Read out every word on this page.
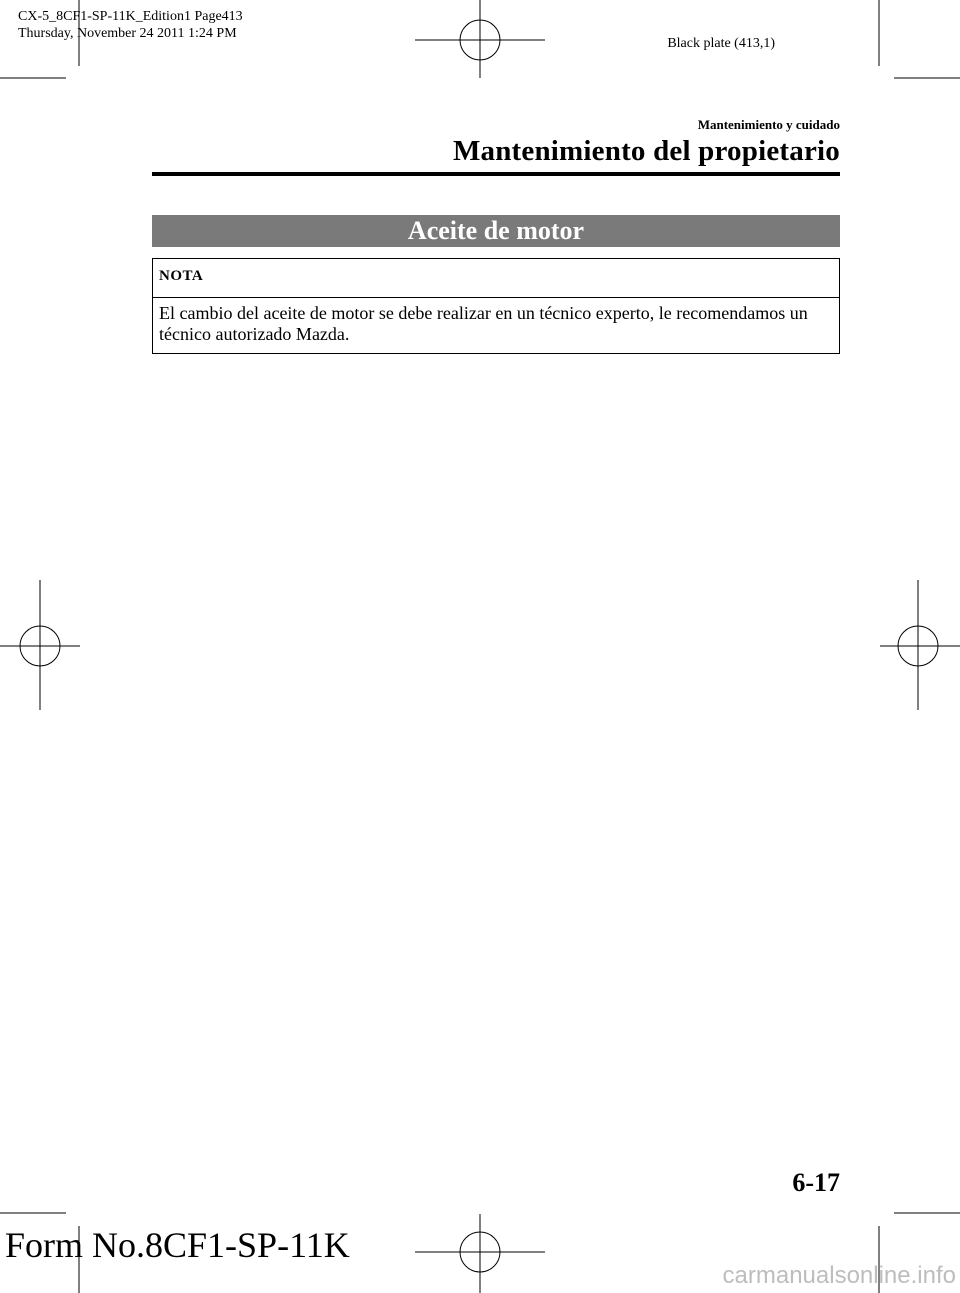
CX-5_8CF1-SP-11K_Edition1 Page413
Thursday, November 24 2011 1:24 PM
Black plate (413,1)
Mantenimiento y cuidado
Mantenimiento del propietario
Aceite de motor
NOTA
El cambio del aceite de motor se debe realizar en un técnico experto, le recomendamos un técnico autorizado Mazda.
6-17
Form No.8CF1-SP-11K
carmanualsonline.info
